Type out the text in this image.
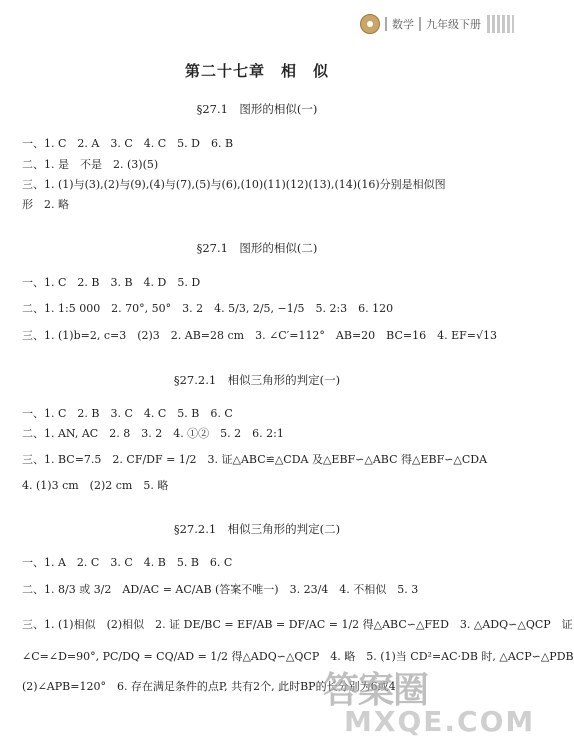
数学 九年级下册
第二十七章　相　似
§27.1　图形的相似(一)
一、1. C　2. A　3. C　4. C　5. D　6. B
二、1. 是　不是　2. (3)(5)
三、1. (1)与(3),(2)与(9),(4)与(7),(5)与(6),(10)(11)(12)(13),(14)(16)分别是相似图
形　2. 略
§27.1　图形的相似(二)
一、1. C　2. B　3. B　4. D　5. D
二、1. 1:5 000　2. 70°, 50°　3. 2　4. 5/3, 2/5, −1/5　5. 2:3　6. 120
三、1. (1)b=2, c=3　(2)3　2. AB=28 cm　3. ∠C′=112°　AB=20　BC=16　4. EF=√13
§27.2.1　相似三角形的判定(一)
一、1. C　2. B　3. C　4. C　5. B　6. C
二、1. AN, AC　2. 8　3. 2　4. ①②　5. 2　6. 2:1
三、1. BC=7.5　2. CF/DF = 1/2　3. 证△ABC≌△CDA 及△EBF∽△ABC 得△EBF∽△CDA
4. (1)3 cm　(2)2 cm　5. 略
§27.2.1　相似三角形的判定(二)
一、1. A　2. C　3. C　4. B　5. B　6. C
二、1. 8/3 或 3/2　AD/AC = AC/AB (答案不唯一)　3. 23/4　4. 不相似　5. 3
三、1. (1)相似　(2)相似　2. 证 DE/BC = EF/AB = DF/AC = 1/2 得△ABC∽△FED　3. △ADQ∽△QCP　证
∠C=∠D=90°, PC/DQ = CQ/AD = 1/2 得△ADQ∽△QCP　4. 略　5. (1)当 CD²=AC·DB 时, △ACP∽△PDB
(2)∠APB=120°　6. 存在满足条件的点P, 共有2个, 此时BP的长分别为6或4
答案圈
MXQE.COM
